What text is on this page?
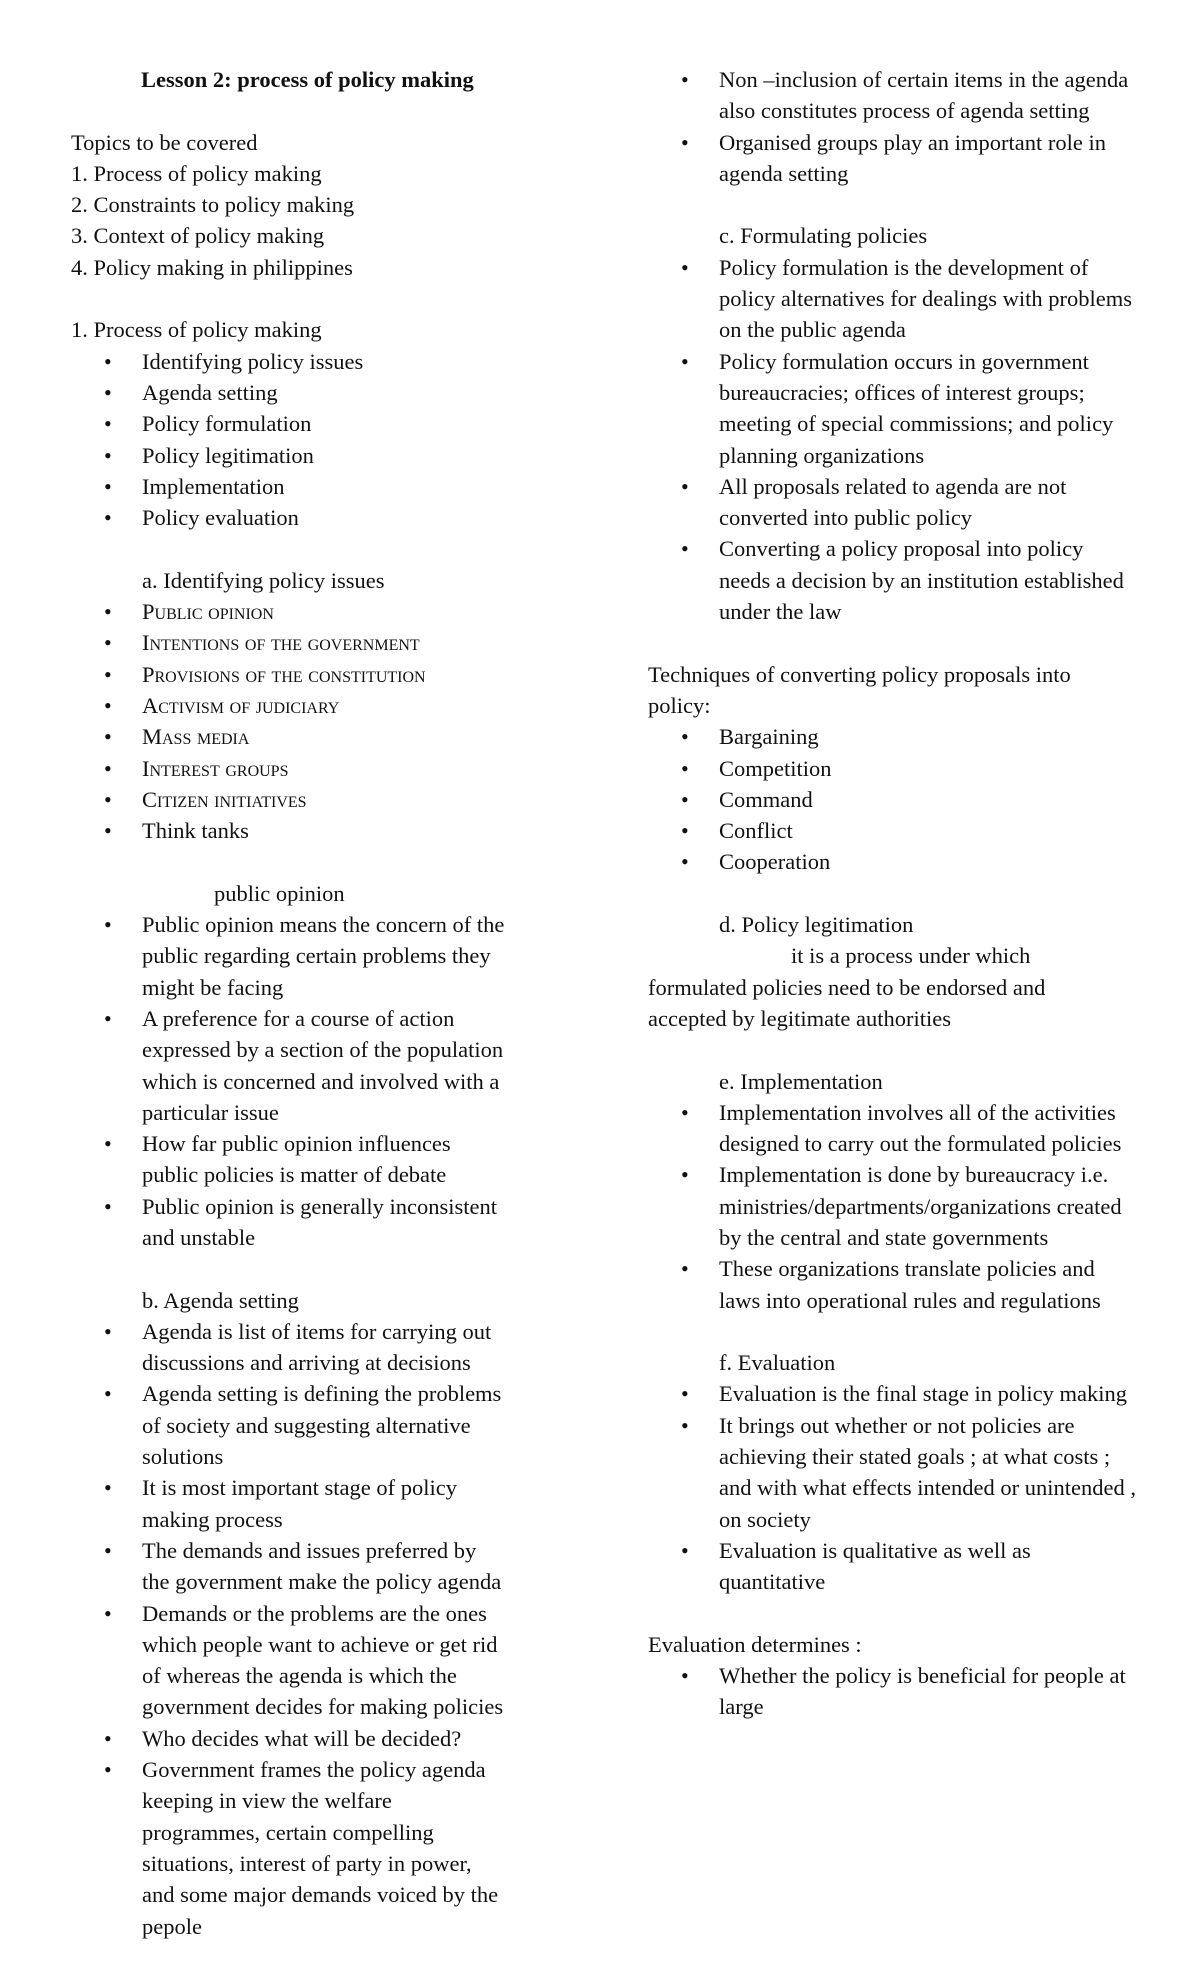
Lesson 2: process of policy making
Topics to be covered
1. Process of policy making
2. Constraints to policy making
3. Context of policy making
4. Policy making in philippines
1. Process of policy making
• Identifying policy issues
• Agenda setting
• Policy formulation
• Policy legitimation
• Implementation
• Policy evaluation
a. Identifying policy issues
• Public opinion
• Intentions of the government
• Provisions of the constitution
• Activism of judiciary
• Mass media
• Interest groups
• Citizen initiatives
• Think tanks
public opinion
• Public opinion means the concern of the public regarding certain problems they might be facing
• A preference for a course of action expressed by a section of the population which is concerned and involved with a particular issue
• How far public opinion influences public policies is matter of debate
• Public opinion is generally inconsistent and unstable
b. Agenda setting
• Agenda is list of items for carrying out discussions and arriving at decisions
• Agenda setting is defining the problems of society and suggesting alternative solutions
• It is most important stage of policy making process
• The demands and issues preferred by the government make the policy agenda
• Demands or the problems are the ones which people want to achieve or get rid of whereas the agenda is which the government decides for making policies
• Who decides what will be decided?
• Government frames the policy agenda keeping in view the welfare programmes, certain compelling situations, interest of party in power, and some major demands voiced by the pepole
• Non –inclusion of certain items in the agenda also constitutes process of agenda setting
• Organised groups play an important role in agenda setting
c. Formulating policies
• Policy formulation is the development of policy alternatives for dealings with problems on the public agenda
• Policy formulation occurs in government bureaucracies; offices of interest groups; meeting of special commissions; and policy planning organizations
• All proposals related to agenda are not converted into public policy
• Converting a policy proposal into policy needs a decision by an institution established under the law
Techniques of converting policy proposals into policy:
• Bargaining
• Competition
• Command
• Conflict
• Cooperation
d. Policy legitimation
it is a process under which formulated policies need to be endorsed and accepted by legitimate authorities
e. Implementation
• Implementation involves all of the activities designed to carry out the formulated policies
• Implementation is done by bureaucracy i.e. ministries/departments/organizations created by the central and state governments
• These organizations translate policies and laws into operational rules and regulations
f. Evaluation
• Evaluation is the final stage in policy making
• It brings out whether or not policies are achieving their stated goals ; at what costs ; and with what effects intended or unintended , on society
• Evaluation is qualitative as well as quantitative
Evaluation determines :
• Whether the policy is beneficial for people at large
